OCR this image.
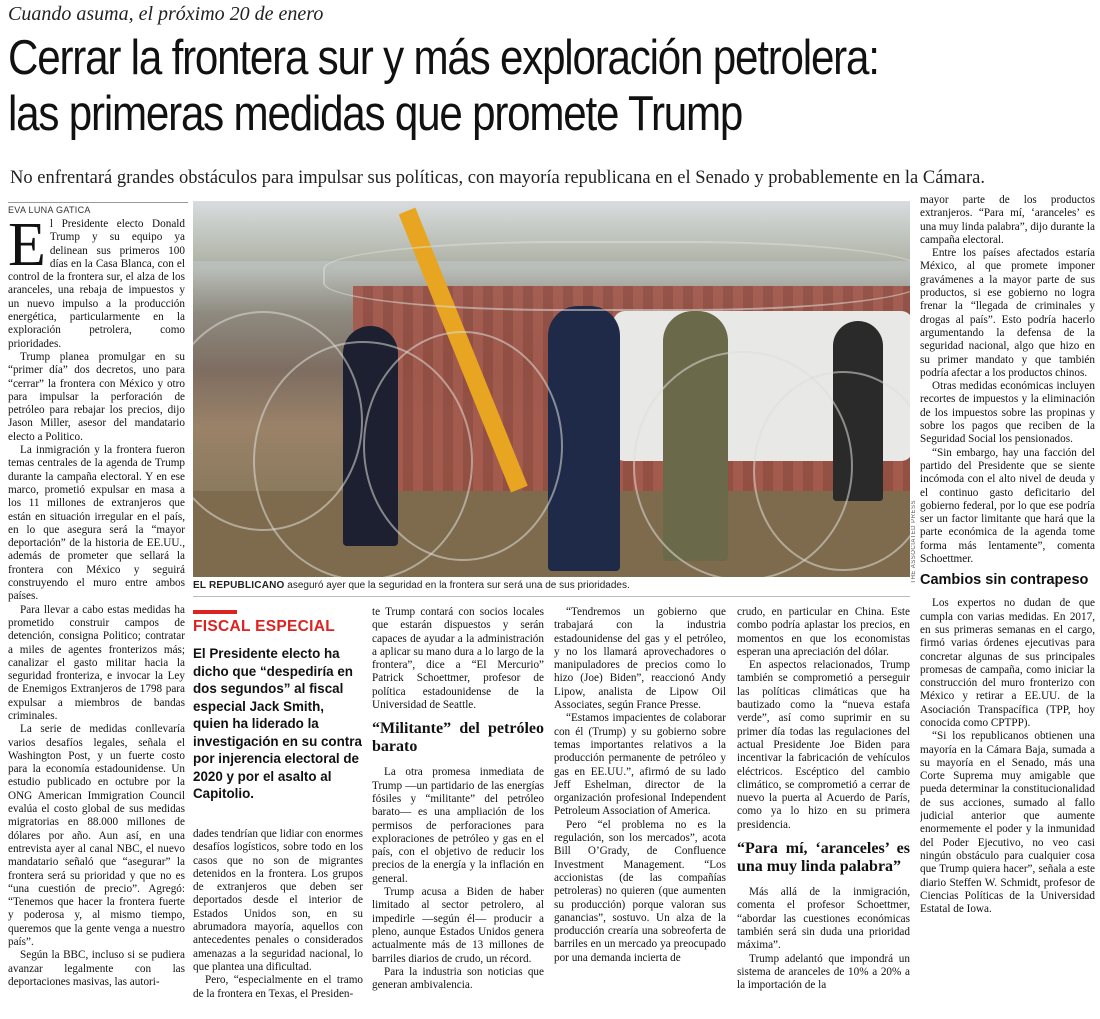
Cuando asuma, el próximo 20 de enero
Cerrar la frontera sur y más exploración petrolera:
las primeras medidas que promete Trump
No enfrentará grandes obstáculos para impulsar sus políticas, con mayoría republicana en el Senado y probablemente en la Cámara.
EVA LUNA GATICA

El Presidente electo Donald Trump y su equipo ya delinean sus primeros 100 días en la Casa Blanca, con el control de la frontera sur, el alza de los aranceles, una rebaja de impuestos y un nuevo impulso a la producción energética, particularmente en la exploración petrolera, como prioridades.

Trump planea promulgar en su “primer día” dos decretos, uno para “cerrar” la frontera con México y otro para impulsar la perforación de petróleo para rebajar los precios, dijo Jason Miller, asesor del mandatario electo a Politico.

La inmigración y la frontera fueron temas centrales de la agenda de Trump durante la campaña electoral. Y en ese marco, prometió expulsar en masa a los 11 millones de extranjeros que están en situación irregular en el país, en lo que asegura será la “mayor deportación” de la historia de EE.UU., además de prometer que sellará la frontera con México y seguirá construyendo el muro entre ambos países.

Para llevar a cabo estas medidas ha prometido construir campos de detención, consigna Politico; contratar a miles de agentes fronterizos más; canalizar el gasto militar hacia la seguridad fronteriza, e invocar la Ley de Enemigos Extranjeros de 1798 para expulsar a miembros de bandas criminales.

La serie de medidas conllevaría varios desafíos legales, señala el Washington Post, y un fuerte costo para la economía estadounidense. Un estudio publicado en octubre por la ONG American Immigration Council evalúa el costo global de sus medidas migratorias en 88.000 millones de dólares por año. Aun así, en una entrevista ayer al canal NBC, el nuevo mandatario señaló que “asegurar” la frontera será su prioridad y que no es “una cuestión de precio”. Agregó: “Tenemos que hacer la frontera fuerte y poderosa y, al mismo tiempo, queremos que la gente venga a nuestro país”.

Según la BBC, incluso si se pudiera avanzar legalmente con las deportaciones masivas, las autori-

THE ASSOCIATED PRESS
EL REPUBLICANO aseguró ayer que la seguridad en la frontera sur será una de sus prioridades.
FISCAL ESPECIAL
El Presidente electo ha dicho que “despediría en dos segundos” al fiscal especial Jack Smith, quien ha liderado la investigación en su contra por injerencia electoral de 2020 y por el asalto al Capitolio.

dades tendrían que lidiar con enormes desafíos logísticos, sobre todo en los casos que no son de migrantes detenidos en la frontera. Los grupos de extranjeros que deben ser deportados desde el interior de Estados Unidos son, en su abrumadora mayoría, aquellos con antecedentes penales o considerados amenazas a la seguridad nacional, lo que plantea una dificultad.

Pero, “especialmente en el tramo de la frontera en Texas, el Presiden-

te Trump contará con socios locales que estarán dispuestos y serán capaces de ayudar a la administración a aplicar su mano dura a lo largo de la frontera”, dice a “El Mercurio” Patrick Schoettmer, profesor de política estadounidense de la Universidad de Seattle.

“Militante” del petróleo barato

La otra promesa inmediata de Trump —un partidario de las energías fósiles y “militante” del petróleo barato— es una ampliación de los permisos de perforaciones para exploraciones de petróleo y gas en el país, con el objetivo de reducir los precios de la energía y la inflación en general.

Trump acusa a Biden de haber limitado al sector petrolero, al impedirle —según él— producir a pleno, aunque Estados Unidos genera actualmente más de 13 millones de barriles diarios de crudo, un récord.

Para la industria son noticias que generan ambivalencia.

“Tendremos un gobierno que trabajará con la industria estadounidense del gas y el petróleo, y no los llamará aprovechadores o manipuladores de precios como lo hizo (Joe) Biden”, reaccionó Andy Lipow, analista de Lipow Oil Associates, según France Presse.

“Estamos impacientes de colaborar con él (Trump) y su gobierno sobre temas importantes relativos a la producción permanente de petróleo y gas en EE.UU.”, afirmó de su lado Jeff Eshelman, director de la organización profesional Independent Petroleum Association of America.

Pero “el problema no es la regulación, son los mercados”, acota Bill O’Grady, de Confluence Investment Management. “Los accionistas (de las compañías petroleras) no quieren (que aumenten su producción) porque valoran sus ganancias”, sostuvo. Un alza de la producción crearía una sobreoferta de barriles en un mercado ya preocupado por una demanda incierta de

crudo, en particular en China. Este combo podría aplastar los precios, en momentos en que los economistas esperan una apreciación del dólar.

En aspectos relacionados, Trump también se comprometió a perseguir las políticas climáticas que ha bautizado como la “nueva estafa verde”, así como suprimir en su primer día todas las regulaciones del actual Presidente Joe Biden para incentivar la fabricación de vehículos eléctricos. Escéptico del cambio climático, se comprometió a cerrar de nuevo la puerta al Acuerdo de París, como ya lo hizo en su primera presidencia.

“Para mí, ‘aranceles’ es una muy linda palabra”

Más allá de la inmigración, comenta el profesor Schoettmer, “abordar las cuestiones económicas también será sin duda una prioridad máxima”.

Trump adelantó que impondrá un sistema de aranceles de 10% a 20% a la importación de la

mayor parte de los productos extranjeros. “Para mí, ‘aranceles’ es una muy linda palabra”, dijo durante la campaña electoral.

Entre los países afectados estaría México, al que promete imponer gravámenes a la mayor parte de sus productos, si ese gobierno no logra frenar la “llegada de criminales y drogas al país”. Esto podría hacerlo argumentando la defensa de la seguridad nacional, algo que hizo en su primer mandato y que también podría afectar a los productos chinos.

Otras medidas económicas incluyen recortes de impuestos y la eliminación de los impuestos sobre las propinas y sobre los pagos que reciben de la Seguridad Social los pensionados.

“Sin embargo, hay una facción del partido del Presidente que se siente incómoda con el alto nivel de deuda y el continuo gasto deficitario del gobierno federal, por lo que ese podría ser un factor limitante que hará que la parte económica de la agenda tome forma más lentamente”, comenta Schoettmer.

Cambios sin contrapeso

Los expertos no dudan de que cumpla con varias medidas. En 2017, en sus primeras semanas en el cargo, firmó varias órdenes ejecutivas para concretar algunas de sus principales promesas de campaña, como iniciar la construcción del muro fronterizo con México y retirar a EE.UU. de la Asociación Transpacífica (TPP, hoy conocida como CPTPP).

“Si los republicanos obtienen una mayoría en la Cámara Baja, sumada a su mayoría en el Senado, más una Corte Suprema muy amigable que pueda determinar la constitucionalidad de sus acciones, sumado al fallo judicial anterior que aumente enormemente el poder y la inmunidad del Poder Ejecutivo, no veo casi ningún obstáculo para cualquier cosa que Trump quiera hacer”, señala a este diario Steffen W. Schmidt, profesor de Ciencias Políticas de la Universidad Estatal de Iowa.
